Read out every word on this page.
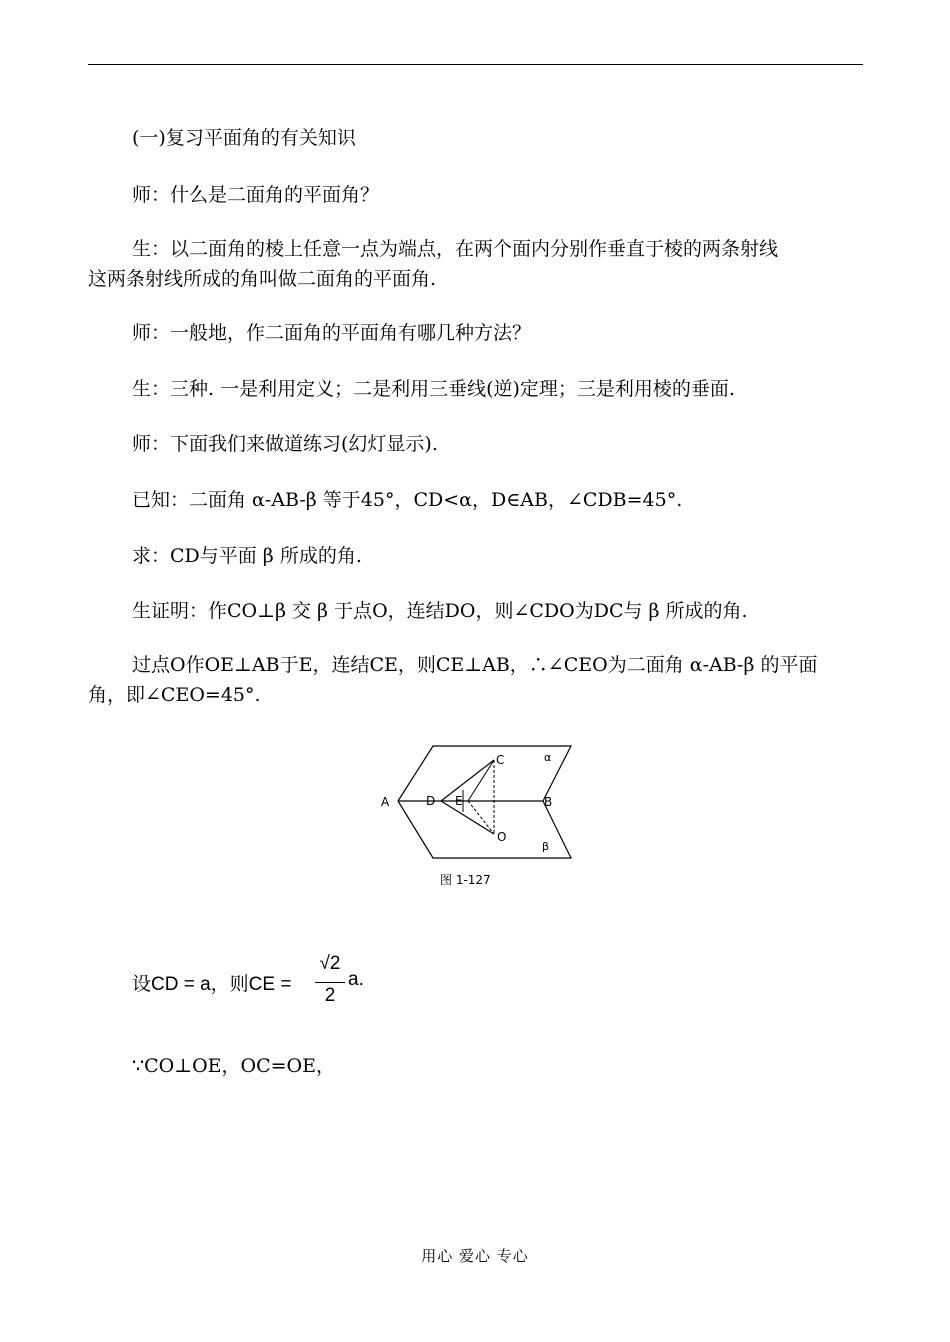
(一)复习平面角的有关知识
师：什么是二面角的平面角？
生：以二面角的棱上任意一点为端点，在两个面内分别作垂直于棱的两条射线
这两条射线所成的角叫做二面角的平面角.
师：一般地，作二面角的平面角有哪几种方法？
生：三种. 一是利用定义；二是利用三垂线(逆)定理；三是利用棱的垂面.
师：下面我们来做道练习(幻灯显示).
已知：二面角 α-AB-β 等于45°，CD<α，D∈AB，∠CDB=45°.
求：CD与平面 β 所成的角.
生证明：作CO⊥β 交 β 于点O，连结DO，则∠CDO为DC与 β 所成的角.
过点O作OE⊥AB于E，连结CE，则CE⊥AB，∴∠CEO为二面角 α-AB-β 的平面
角，即∠CEO=45°.
A	B
C
D E
O
α
β
图 1-127
设CD = a，则CE =
√2
2
a.
∵CO⊥OE，OC=OE，
用心 爱心 专心
